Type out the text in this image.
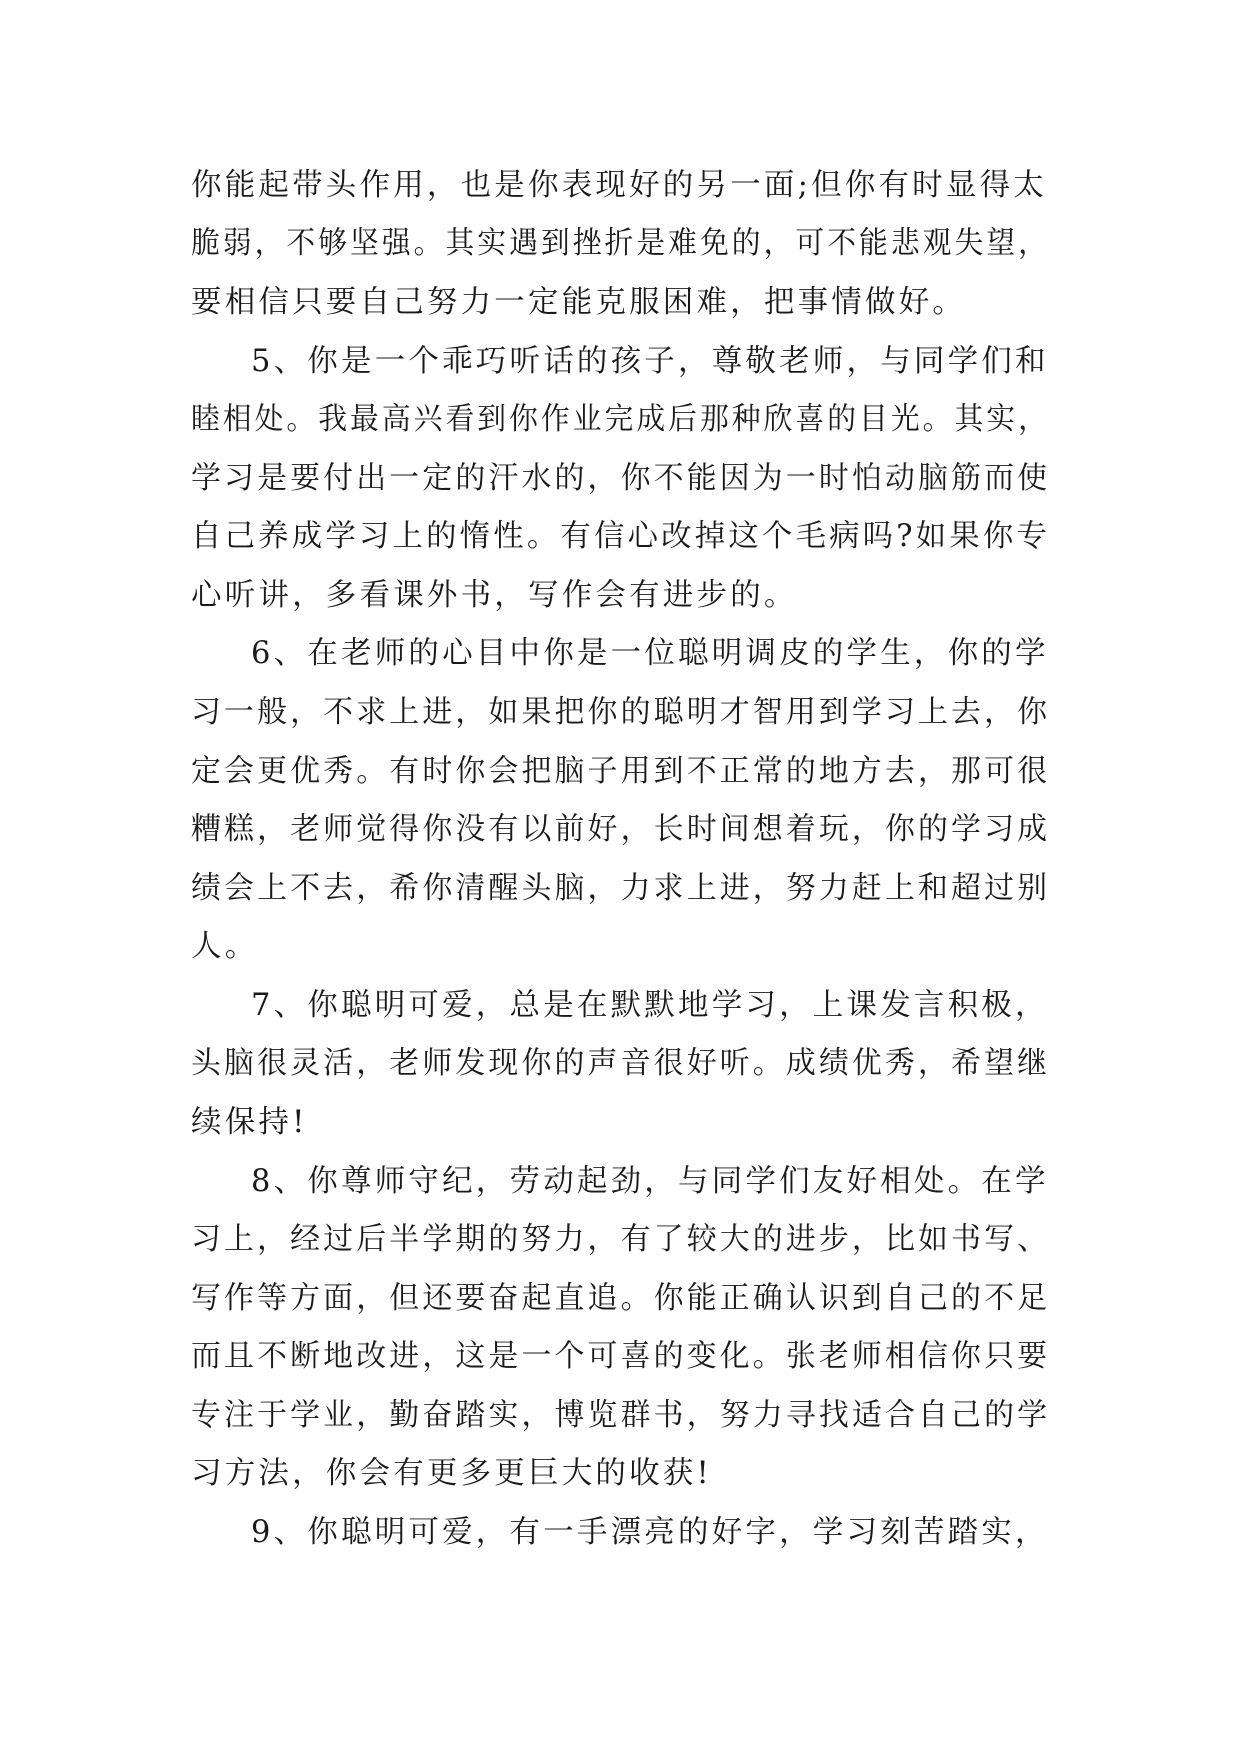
你能起带头作用，也是你表现好的另一面;但你有时显得太
脆弱，不够坚强。其实遇到挫折是难免的，可不能悲观失望，
要相信只要自己努力一定能克服困难，把事情做好。
5、你是一个乖巧听话的孩子，尊敬老师，与同学们和
睦相处。我最高兴看到你作业完成后那种欣喜的目光。其实，
学习是要付出一定的汗水的，你不能因为一时怕动脑筋而使
自己养成学习上的惰性。有信心改掉这个毛病吗?如果你专
心听讲，多看课外书，写作会有进步的。
6、在老师的心目中你是一位聪明调皮的学生，你的学
习一般，不求上进，如果把你的聪明才智用到学习上去，你
定会更优秀。有时你会把脑子用到不正常的地方去，那可很
糟糕，老师觉得你没有以前好，长时间想着玩，你的学习成
绩会上不去，希你清醒头脑，力求上进，努力赶上和超过别
人。
7、你聪明可爱，总是在默默地学习，上课发言积极，
头脑很灵活，老师发现你的声音很好听。成绩优秀，希望继
续保持!
8、你尊师守纪，劳动起劲，与同学们友好相处。在学
习上，经过后半学期的努力，有了较大的进步，比如书写、
写作等方面，但还要奋起直追。你能正确认识到自己的不足
而且不断地改进，这是一个可喜的变化。张老师相信你只要
专注于学业，勤奋踏实，博览群书，努力寻找适合自己的学
习方法，你会有更多更巨大的收获!
9、你聪明可爱，有一手漂亮的好字，学习刻苦踏实，
